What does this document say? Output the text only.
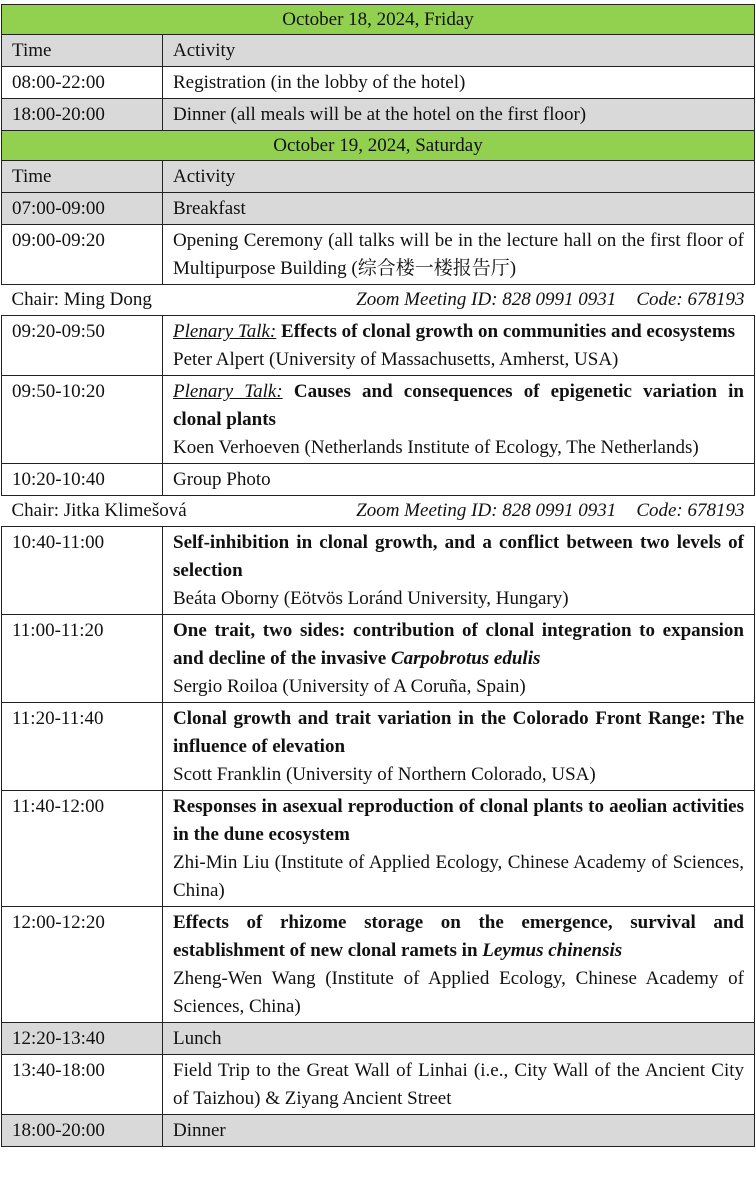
October 18, 2024, Friday	
Time	Activity
08:00-22:00	Registration (in the lobby of the hotel)
18:00-20:00	Dinner (all meals will be at the hotel on the first floor)
October 19, 2024, Saturday	
Time	Activity
07:00-09:00	Breakfast
09:00-09:20	Opening Ceremony (all talks will be in the lecture hall on the first floor of Multipurpose Building (综合楼一楼报告厅)

Chair: Ming Dong Zoom Meeting ID: 828 0991 0931 Code: 678193	

09:20-09:50	Plenary Talk: Effects of clonal growth on communities and ecosystems
Peter Alpert (University of Massachusetts, Amherst, USA)

09:50-10:20	Plenary Talk: Causes and consequences of epigenetic variation in clonal plants
Koen Verhoeven (Netherlands Institute of Ecology, The Netherlands)

10:20-10:40	Group Photo

Chair: Jitka Klimešová Zoom Meeting ID: 828 0991 0931 Code: 678193	

10:40-11:00	Self-inhibition in clonal growth, and a conflict between two levels of selection
Beáta Oborny (Eötvös Loránd University, Hungary)

11:00-11:20	One trait, two sides: contribution of clonal integration to expansion and decline of the invasive Carpobrotus edulis
Sergio Roiloa (University of A Coruña, Spain)

11:20-11:40	Clonal growth and trait variation in the Colorado Front Range: The influence of elevation
Scott Franklin (University of Northern Colorado, USA)

11:40-12:00	Responses in asexual reproduction of clonal plants to aeolian activities in the dune ecosystem
Zhi-Min Liu (Institute of Applied Ecology, Chinese Academy of Sciences, China)

12:00-12:20	Effects of rhizome storage on the emergence, survival and establishment of new clonal ramets in Leymus chinensis
Zheng-Wen Wang (Institute of Applied Ecology, Chinese Academy of Sciences, China)

12:20-13:40	Lunch
13:40-18:00	Field Trip to the Great Wall of Linhai (i.e., City Wall of the Ancient City of Taizhou) & Ziyang Ancient Street
18:00-20:00	Dinner
